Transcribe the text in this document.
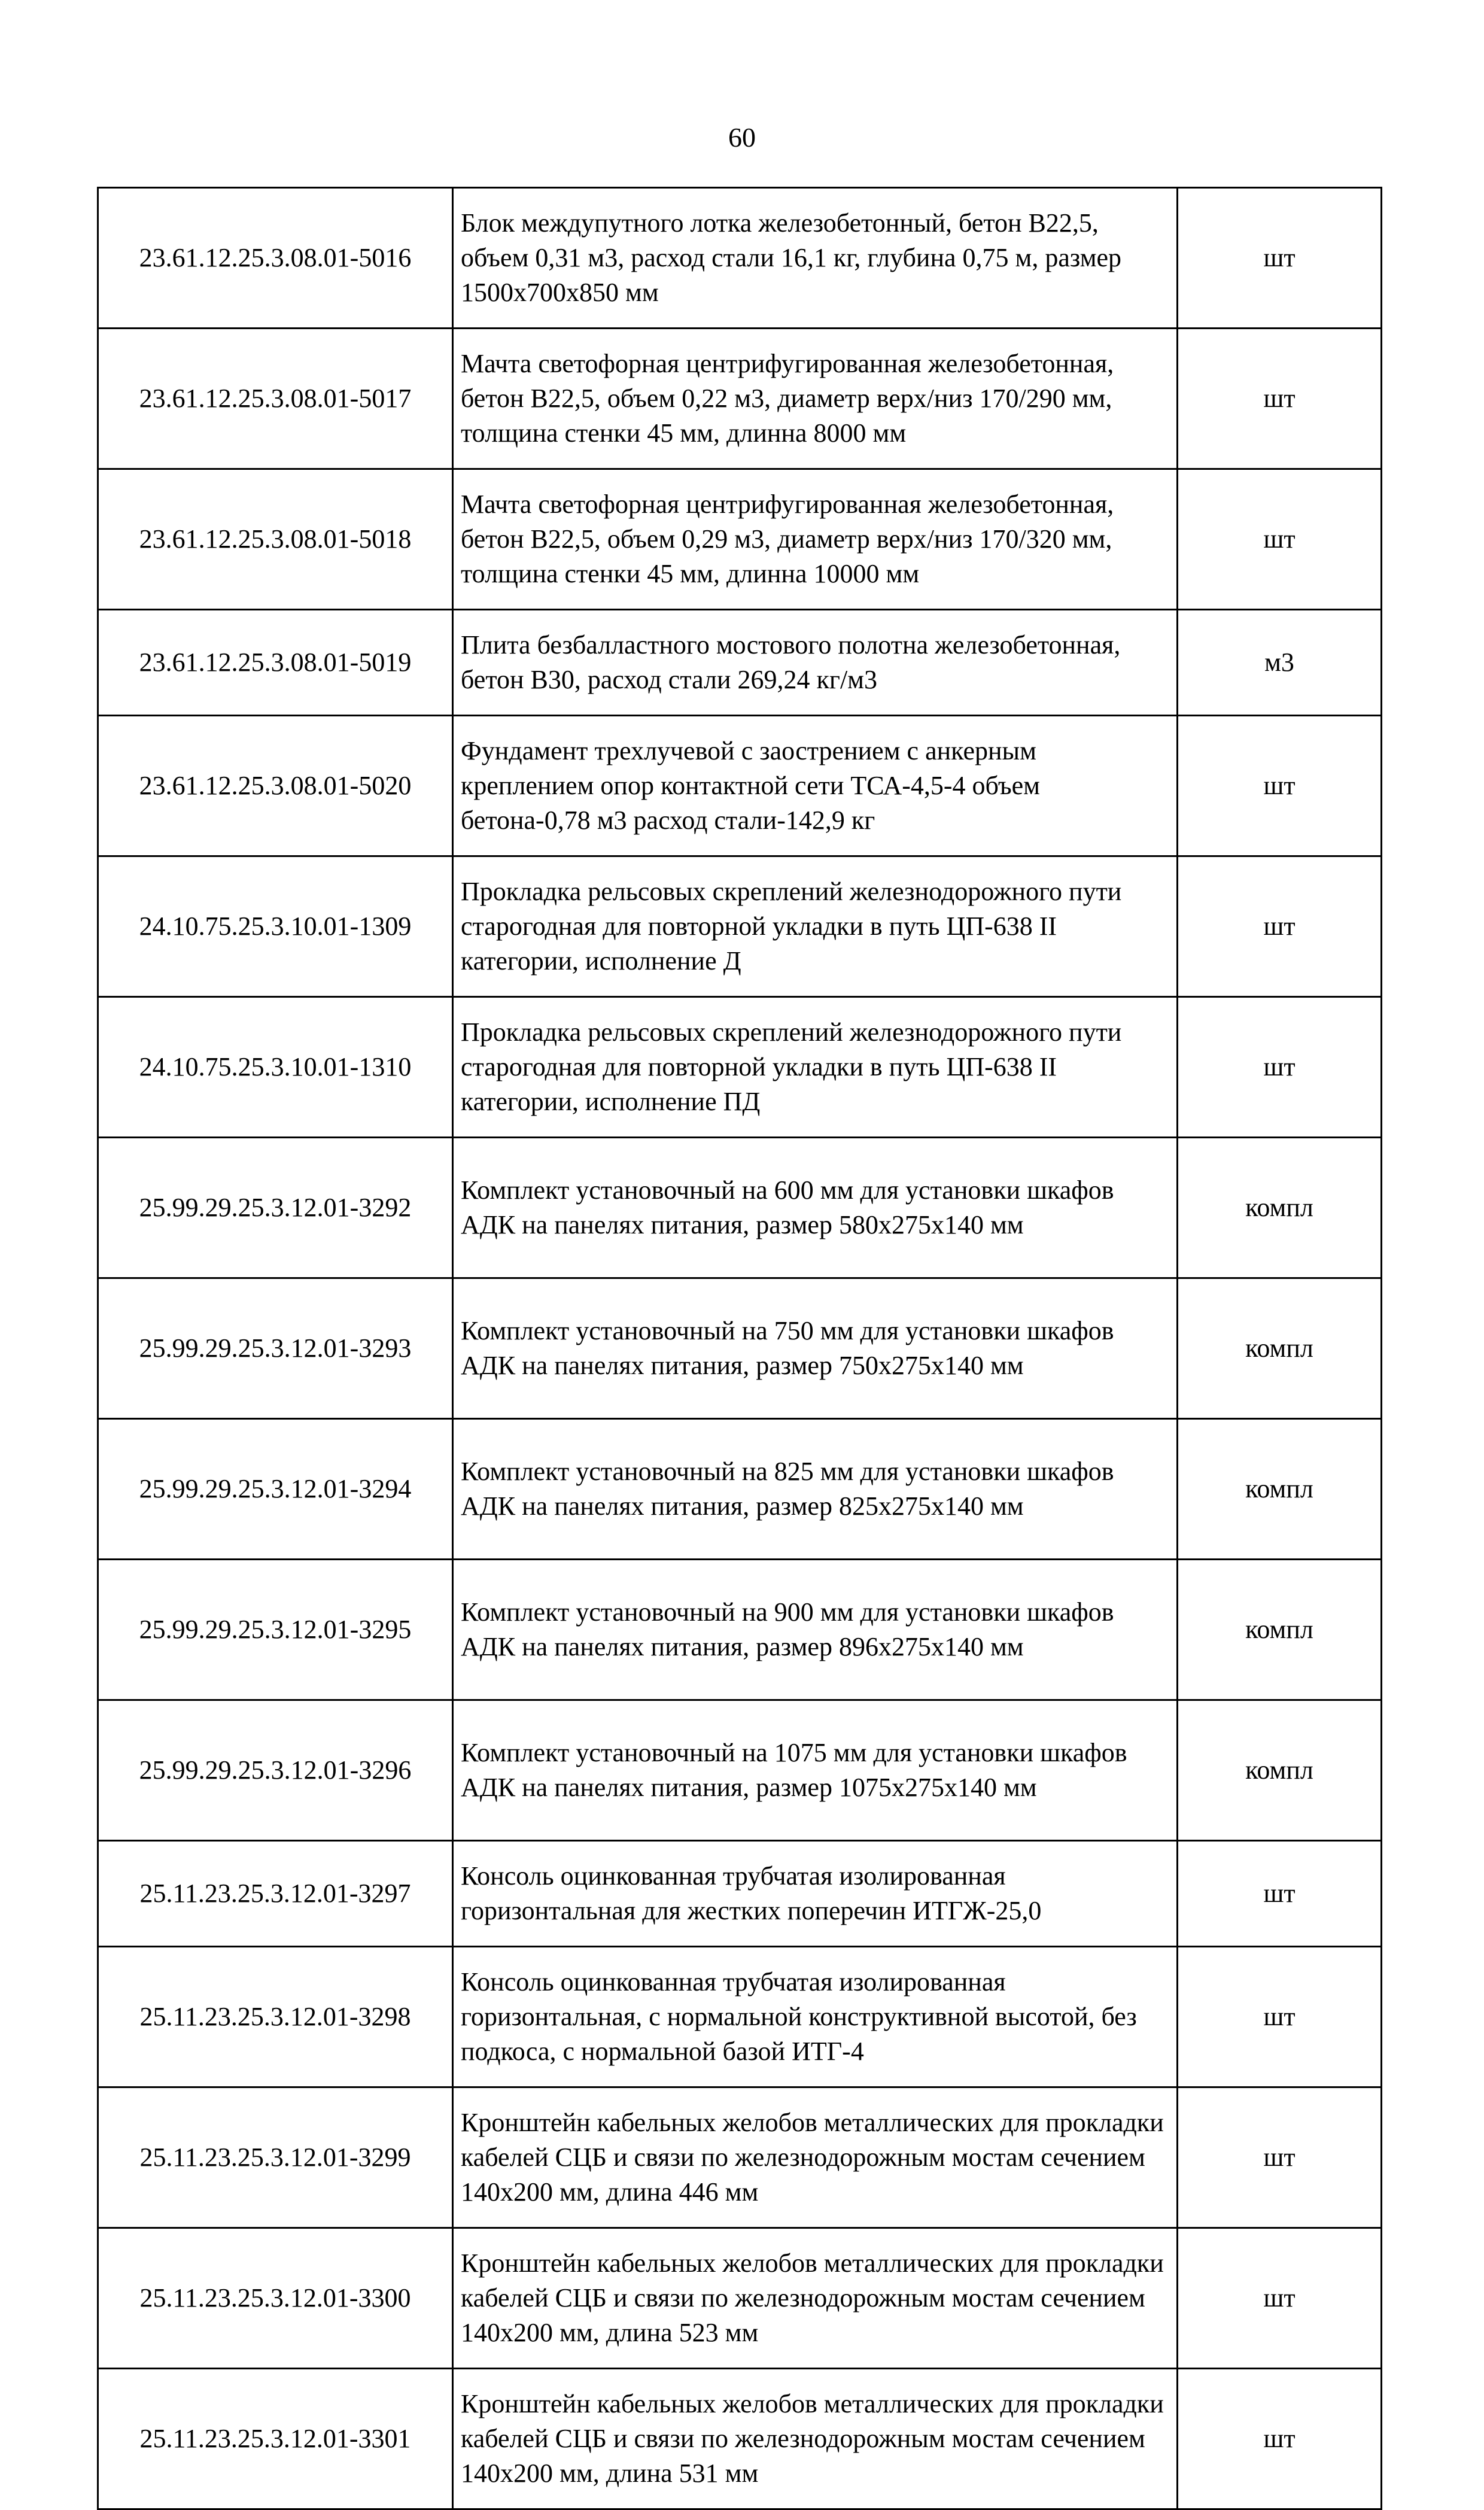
60
23.61.12.25.3.08.01-5016	Блок междупутного лотка железобетонный, бетон B22,5, объем 0,31 м3, расход стали 16,1 кг, глубина 0,75 м, размер 1500x700x850 мм	шт
23.61.12.25.3.08.01-5017	Мачта светофорная центрифугированная железобетонная, бетон B22,5, объем 0,22 м3, диаметр верх/низ 170/290 мм, толщина стенки 45 мм, длинна 8000 мм	шт
23.61.12.25.3.08.01-5018	Мачта светофорная центрифугированная железобетонная, бетон B22,5, объем 0,29 м3, диаметр верх/низ 170/320 мм, толщина стенки 45 мм, длинна 10000 мм	шт
23.61.12.25.3.08.01-5019	Плита безбалластного мостового полотна железобетонная, бетон B30, расход стали 269,24 кг/м3	м3
23.61.12.25.3.08.01-5020	Фундамент трехлучевой с заострением с анкерным креплением опор контактной сети ТСА-4,5-4 объем бетона-0,78 м3 расход стали-142,9 кг	шт
24.10.75.25.3.10.01-1309	Прокладка рельсовых скреплений железнодорожного пути старогодная для повторной укладки в путь ЦП-638 II категории, исполнение Д	шт
24.10.75.25.3.10.01-1310	Прокладка рельсовых скреплений железнодорожного пути старогодная для повторной укладки в путь ЦП-638 II категории, исполнение ПД	шт
25.99.29.25.3.12.01-3292	Комплект установочный на 600 мм для установки шкафов АДК на панелях питания, размер 580x275x140 мм	компл
25.99.29.25.3.12.01-3293	Комплект установочный на 750 мм для установки шкафов АДК на панелях питания, размер 750x275x140 мм	компл
25.99.29.25.3.12.01-3294	Комплект установочный на 825 мм для установки шкафов АДК на панелях питания, размер 825x275x140 мм	компл
25.99.29.25.3.12.01-3295	Комплект установочный на 900 мм для установки шкафов АДК на панелях питания, размер 896x275x140 мм	компл
25.99.29.25.3.12.01-3296	Комплект установочный на 1075 мм для установки шкафов АДК на панелях питания, размер 1075x275x140 мм	компл
25.11.23.25.3.12.01-3297	Консоль оцинкованная трубчатая изолированная горизонтальная для жестких поперечин ИТГЖ-25,0	шт
25.11.23.25.3.12.01-3298	Консоль оцинкованная трубчатая изолированная горизонтальная, с нормальной конструктивной высотой, без подкоса, с нормальной базой ИТГ-4	шт
25.11.23.25.3.12.01-3299	Кронштейн кабельных желобов металлических для прокладки кабелей СЦБ и связи по железнодорожным мостам сечением 140x200 мм, длина 446 мм	шт
25.11.23.25.3.12.01-3300	Кронштейн кабельных желобов металлических для прокладки кабелей СЦБ и связи по железнодорожным мостам сечением 140x200 мм, длина 523 мм	шт
25.11.23.25.3.12.01-3301	Кронштейн кабельных желобов металлических для прокладки кабелей СЦБ и связи по железнодорожным мостам сечением 140x200 мм, длина 531 мм	шт
